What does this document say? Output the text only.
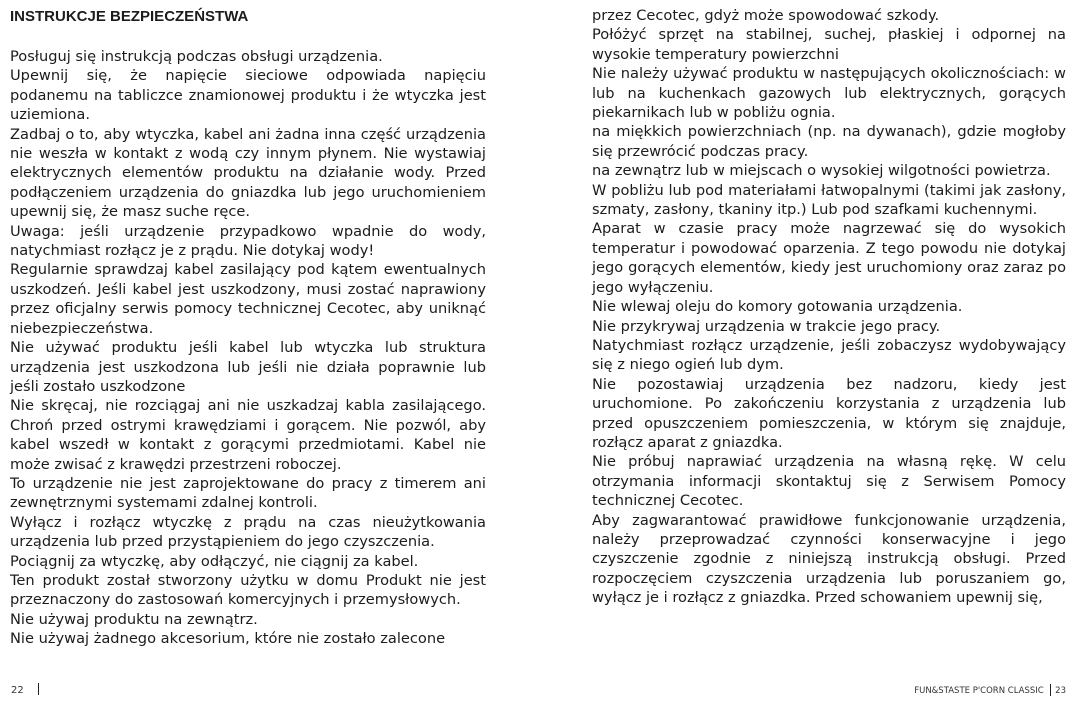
INSTRUKCJE BEZPIECZEŃSTWA

Posługuj się instrukcją podczas obsługi urządzenia.

Upewnij się, że napięcie sieciowe odpowiada napięciu podanemu na tabliczce znamionowej produktu i że wtyczka jest uziemiona.

Zadbaj o to, aby wtyczka, kabel ani żadna inna część urządzenia nie weszła w kontakt z wodą czy innym płynem. Nie wystawiaj elektrycznych elementów produktu na działanie wody. Przed podłączeniem urządzenia do gniazdka lub jego uruchomieniem upewnij się, że masz suche ręce.

Uwaga: jeśli urządzenie przypadkowo wpadnie do wody, natychmiast rozłącz je z prądu. Nie dotykaj wody!

Regularnie sprawdzaj kabel zasilający pod kątem ewentualnych uszkodzeń. Jeśli kabel jest uszkodzony, musi zostać naprawiony przez oficjalny serwis pomocy technicznej Cecotec, aby uniknąć niebezpieczeństwa.

Nie używać produktu jeśli kabel lub wtyczka lub struktura urządzenia jest uszkodzona lub jeśli nie działa poprawnie lub jeśli zostało uszkodzone

Nie skręcaj, nie rozciągaj ani nie uszkadzaj kabla zasilającego. Chroń przed ostrymi krawędziami i gorącem. Nie pozwól, aby kabel wszedł w kontakt z gorącymi przedmiotami. Kabel nie może zwisać z krawędzi przestrzeni roboczej.

To urządzenie nie jest zaprojektowane do pracy z timerem ani zewnętrznymi systemami zdalnej kontroli.

Wyłącz i rozłącz wtyczkę z prądu na czas nieużytkowania urządzenia lub przed przystąpieniem do jego czyszczenia.

Pociągnij za wtyczkę, aby odłączyć, nie ciągnij za kabel.

Ten produkt został stworzony użytku w domu Produkt nie jest przeznaczony do zastosowań komercyjnych i przemysłowych.

Nie używaj produktu na zewnątrz.

Nie używaj żadnego akcesorium, które nie zostało zalecone

przez Cecotec, gdyż może spowodować szkody.

Połóżyć sprzęt na stabilnej, suchej, płaskiej i odpornej na wysokie temperatury powierzchni

Nie należy używać produktu w następujących okolicznościach: w lub na kuchenkach gazowych lub elektrycznych, gorących piekarnikach lub w pobliżu ognia.

na miękkich powierzchniach (np. na dywanach), gdzie mogłoby się przewrócić podczas pracy.

na zewnątrz lub w miejscach o wysokiej wilgotności powietrza.

W pobliżu lub pod materiałami łatwopalnymi (takimi jak zasłony, szmaty, zasłony, tkaniny itp.) Lub pod szafkami kuchennymi.

Aparat w czasie pracy może nagrzewać się do wysokich temperatur i powodować oparzenia. Z tego powodu nie dotykaj jego gorących elementów, kiedy jest uruchomiony oraz zaraz po jego wyłączeniu.

Nie wlewaj oleju do komory gotowania urządzenia.

Nie przykrywaj urządzenia w trakcie jego pracy.

Natychmiast rozłącz urządzenie, jeśli zobaczysz wydobywający się z niego ogień lub dym.

Nie pozostawiaj urządzenia bez nadzoru, kiedy jest uruchomione. Po zakończeniu korzystania z urządzenia lub przed opuszczeniem pomieszczenia, w którym się znajduje, rozłącz aparat z gniazdka.

Nie próbuj naprawiać urządzenia na własną rękę. W celu otrzymania informacji skontaktuj się z Serwisem Pomocy technicznej Cecotec.

Aby zagwarantować prawidłowe funkcjonowanie urządzenia, należy przeprowadzać czynności konserwacyjne i jego czyszczenie zgodnie z niniejszą instrukcją obsługi. Przed rozpoczęciem czyszczenia urządzenia lub poruszaniem go, wyłącz je i rozłącz z gniazdka. Przed schowaniem upewnij się,

22	FUN&STASTE P'CORN CLASSIC 23
